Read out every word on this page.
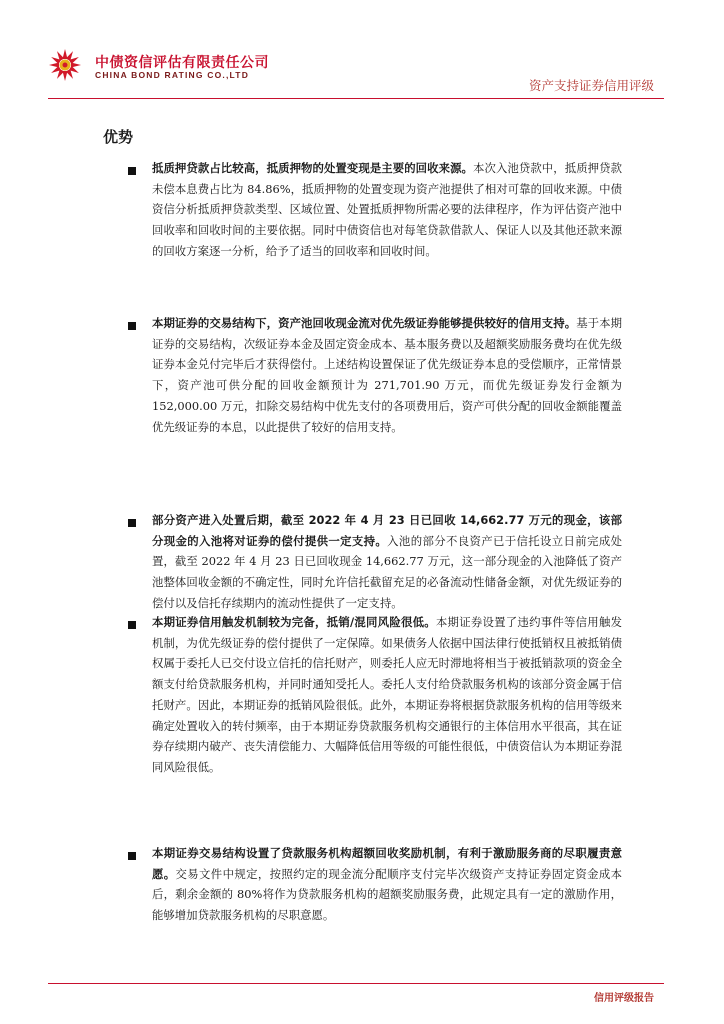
中债资信评估有限责任公司
CHINA BOND RATING CO.,LTD
资产支持证券信用评级
优势
抵质押贷款占比较高，抵质押物的处置变现是主要的回收来源。本次入池贷款中，抵质押贷款未偿本息费占比为 84.86%，抵质押物的处置变现为资产池提供了相对可靠的回收来源。中债资信分析抵质押贷款类型、区域位置、处置抵质押物所需必要的法律程序，作为评估资产池中回收率和回收时间的主要依据。同时中债资信也对每笔贷款借款人、保证人以及其他还款来源的回收方案逐一分析，给予了适当的回收率和回收时间。
本期证券的交易结构下，资产池回收现金流对优先级证券能够提供较好的信用支持。基于本期证券的交易结构，次级证券本金及固定资金成本、基本服务费以及超额奖励服务费均在优先级证券本金兑付完毕后才获得偿付。上述结构设置保证了优先级证券本息的受偿顺序，正常情景下，资产池可供分配的回收金额预计为 271,701.90 万元，而优先级证券发行金额为 152,000.00 万元，扣除交易结构中优先支付的各项费用后，资产可供分配的回收金额能覆盖优先级证券的本息，以此提供了较好的信用支持。
部分资产进入处置后期，截至 2022 年 4 月 23 日已回收 14,662.77 万元的现金，该部分现金的入池将对证券的偿付提供一定支持。入池的部分不良资产已于信托设立日前完成处置，截至 2022 年 4 月 23 日已回收现金 14,662.77 万元，这一部分现金的入池降低了资产池整体回收金额的不确定性，同时允许信托截留充足的必备流动性储备金额，对优先级证券的偿付以及信托存续期内的流动性提供了一定支持。
本期证券信用触发机制较为完备，抵销/混同风险很低。本期证券设置了违约事件等信用触发机制，为优先级证券的偿付提供了一定保障。如果债务人依据中国法律行使抵销权且被抵销债权属于委托人已交付设立信托的信托财产，则委托人应无时滞地将相当于被抵销款项的资金全额支付给贷款服务机构，并同时通知受托人。委托人支付给贷款服务机构的该部分资金属于信托财产。因此，本期证券的抵销风险很低。此外，本期证券将根据贷款服务机构的信用等级来确定处置收入的转付频率，由于本期证券贷款服务机构交通银行的主体信用水平很高，其在证券存续期内破产、丧失清偿能力、大幅降低信用等级的可能性很低，中债资信认为本期证券混同风险很低。
本期证券交易结构设置了贷款服务机构超额回收奖励机制，有利于激励服务商的尽职履责意愿。交易文件中规定，按照约定的现金流分配顺序支付完毕次级资产支持证券固定资金成本后，剩余金额的 80%将作为贷款服务机构的超额奖励服务费，此规定具有一定的激励作用，能够增加贷款服务机构的尽职意愿。
信用评级报告
